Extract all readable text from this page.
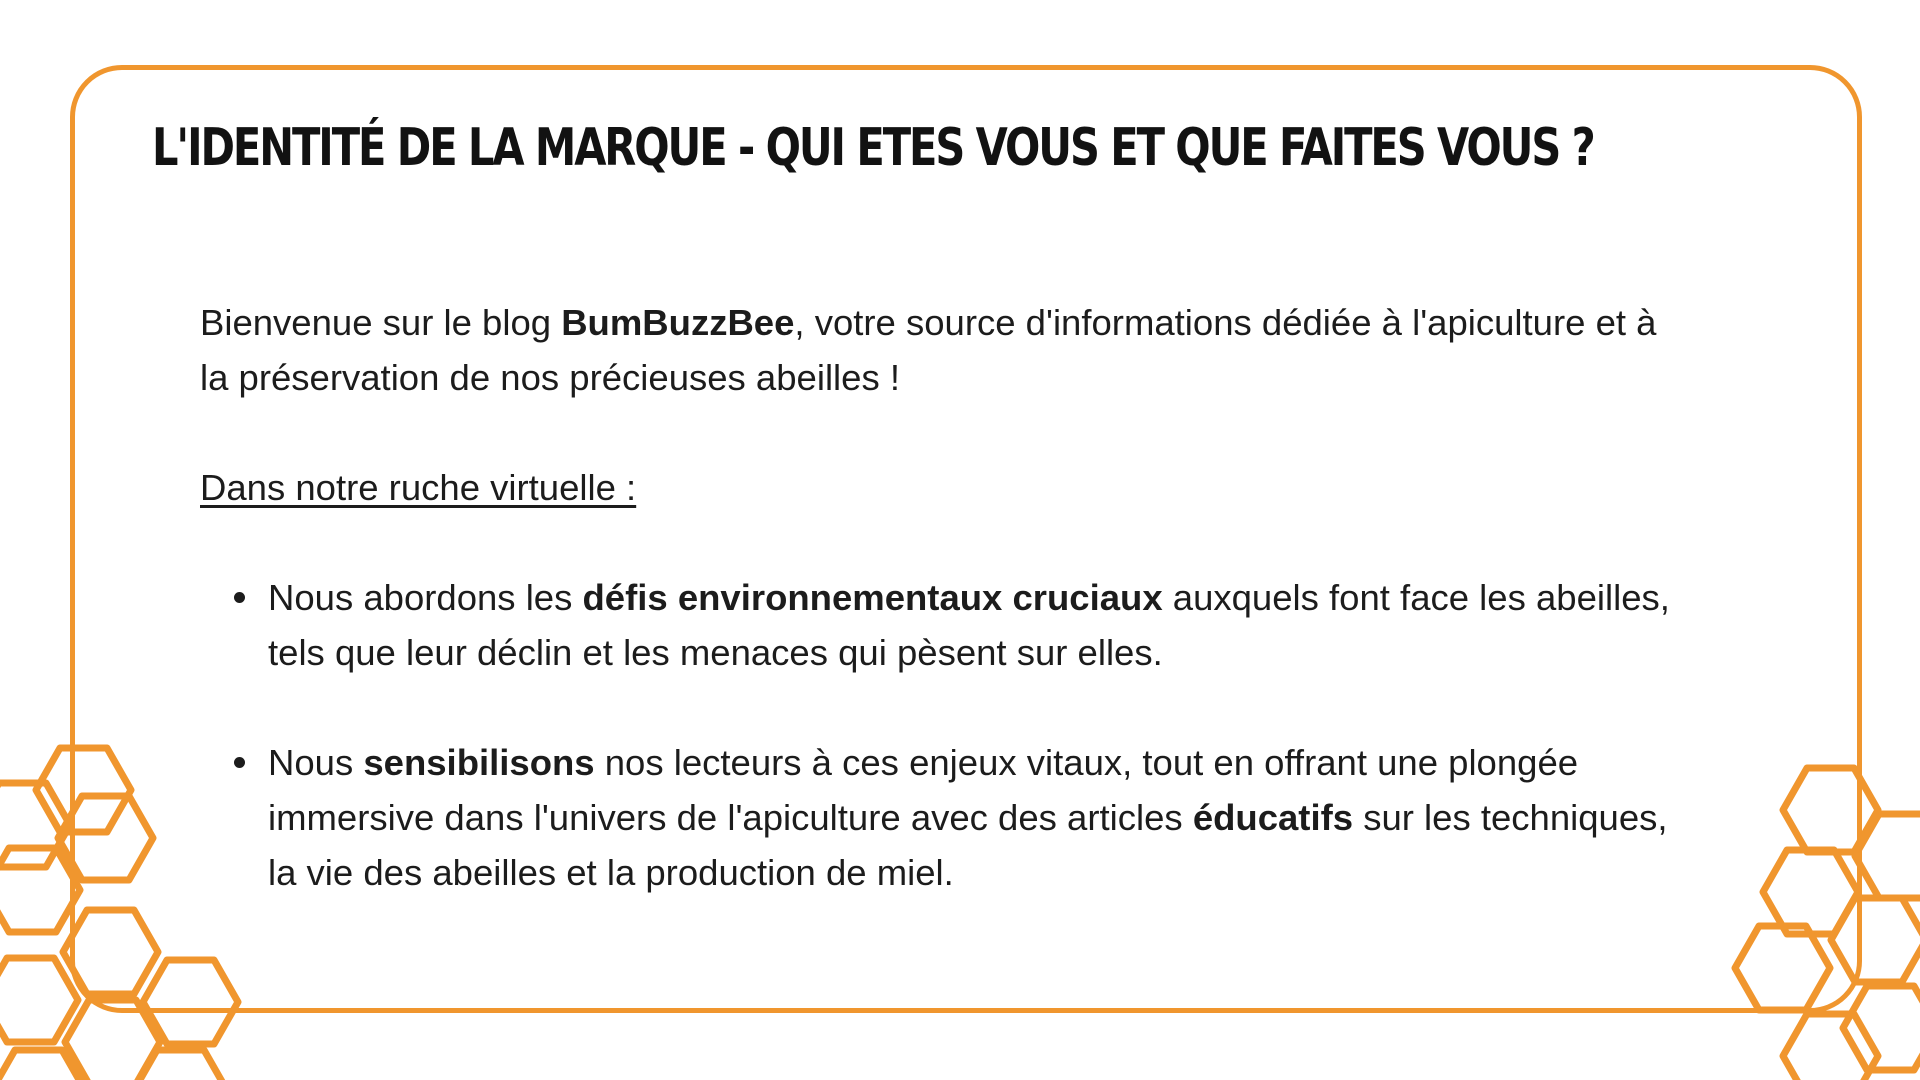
L'IDENTITÉ DE LA MARQUE - QUI ETES VOUS ET QUE FAITES VOUS ?

Bienvenue sur le blog BumBuzzBee, votre source d'informations dédiée à l'apiculture et à la préservation de nos précieuses abeilles !

Dans notre ruche virtuelle :

Nous abordons les défis environnementaux cruciaux auxquels font face les abeilles, tels que leur déclin et les menaces qui pèsent sur elles.
Nous sensibilisons nos lecteurs à ces enjeux vitaux, tout en offrant une plongée immersive dans l'univers de l'apiculture avec des articles éducatifs sur les techniques, la vie des abeilles et la production de miel.
